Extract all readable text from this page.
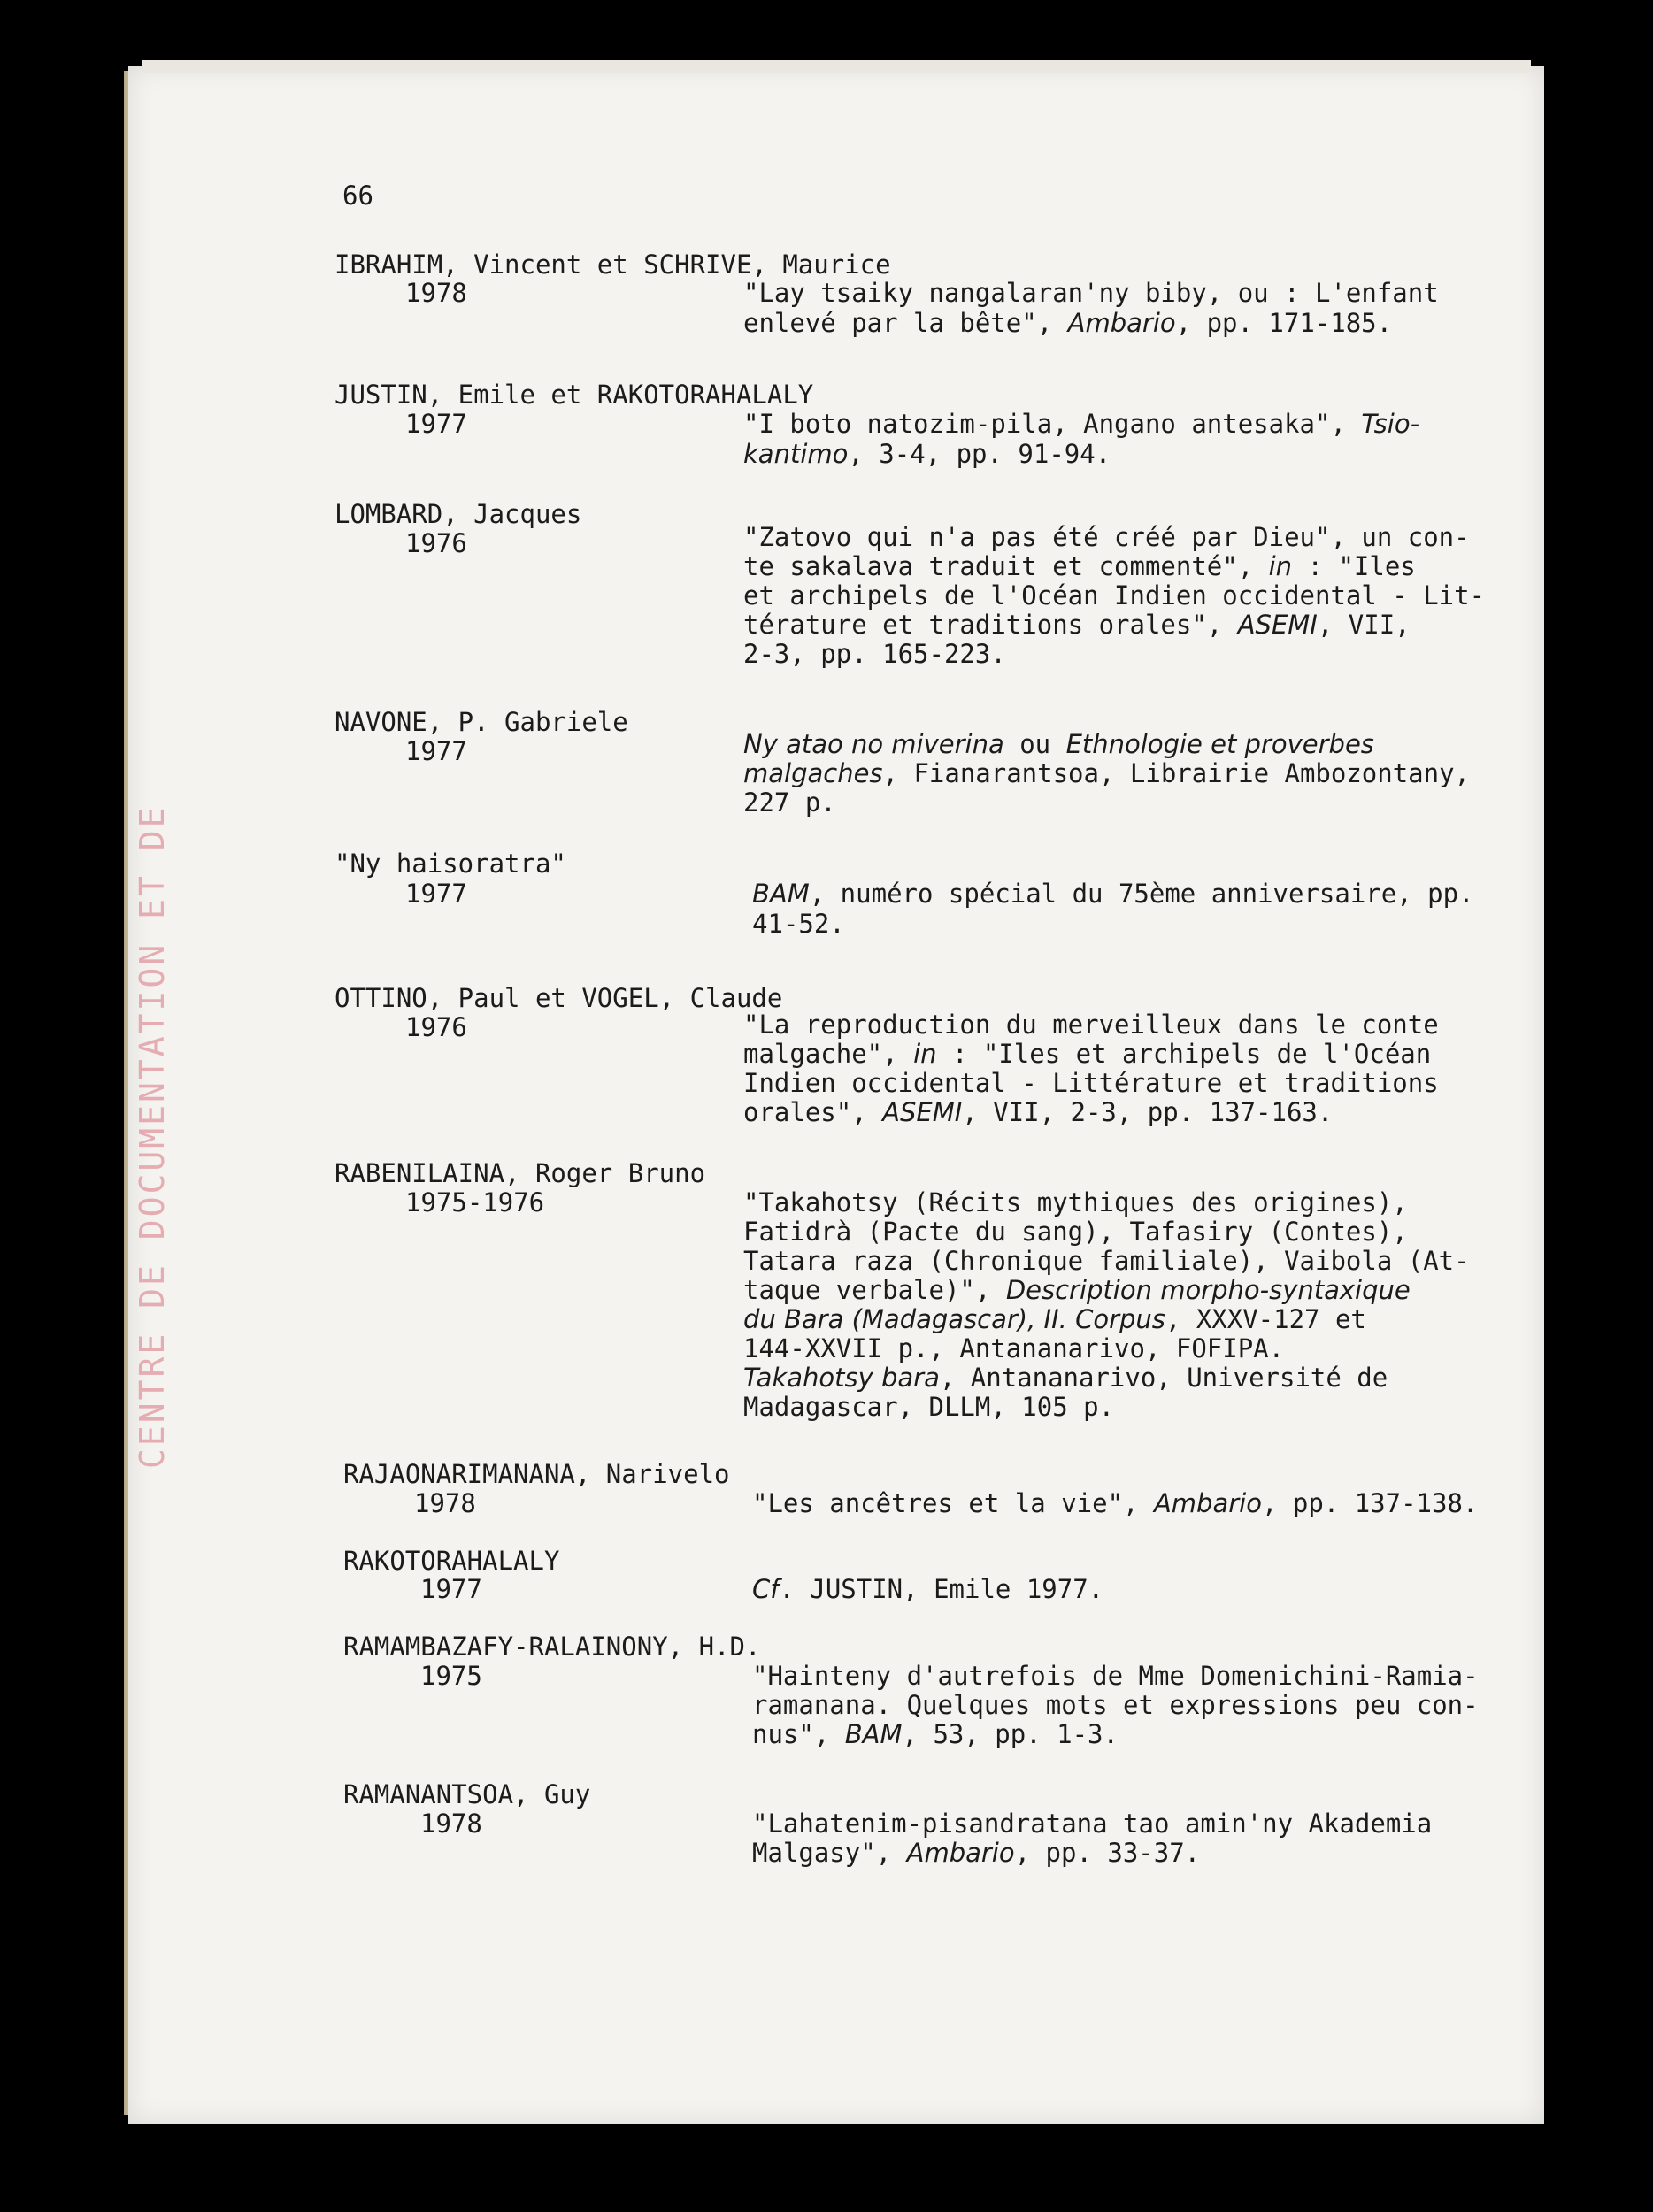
CENTRE DE DOCUMENTATION ET DE
66
IBRAHIM, Vincent et SCHRIVE, Maurice
1978	"Lay tsaiky nangalaran'ny biby, ou : L'enfant
enlevé par la bête", Ambario, pp. 171-185.
JUSTIN, Emile et RAKOTORAHALALY
1977	"I boto natozim-pila, Angano antesaka", Tsio-
kantimo, 3-4, pp. 91-94.
LOMBARD, Jacques
1976	"Zatovo qui n'a pas été créé par Dieu", un con-
te sakalava traduit et commenté", in : "Iles
et archipels de l'Océan Indien occidental - Lit-
térature et traditions orales", ASEMI, VII,
2-3, pp. 165-223.
NAVONE, P. Gabriele
1977	Ny atao no miverina ou Ethnologie et proverbes
malgaches, Fianarantsoa, Librairie Ambozontany,
227 p.
"Ny haisoratra"
1977	BAM, numéro spécial du 75ème anniversaire, pp.
41-52.
OTTINO, Paul et VOGEL, Claude
1976	"La reproduction du merveilleux dans le conte
malgache", in : "Iles et archipels de l'Océan
Indien occidental - Littérature et traditions
orales", ASEMI, VII, 2-3, pp. 137-163.
RABENILAINA, Roger Bruno
1975-1976	"Takahotsy (Récits mythiques des origines),
Fatidrà (Pacte du sang), Tafasiry (Contes),
Tatara raza (Chronique familiale), Vaibola (At-
taque verbale)", Description morpho-syntaxique
du Bara (Madagascar), II. Corpus, XXXV-127 et
144-XXVII p., Antananarivo, FOFIPA.
Takahotsy bara, Antananarivo, Université de
Madagascar, DLLM, 105 p.
RAJAONARIMANANA, Narivelo
1978	"Les ancêtres et la vie", Ambario, pp. 137-138.
RAKOTORAHALALY
1977	Cf. JUSTIN, Emile 1977.
RAMAMBAZAFY-RALAINONY, H.D.
1975	"Hainteny d'autrefois de Mme Domenichini-Ramia-
ramanana. Quelques mots et expressions peu con-
nus", BAM, 53, pp. 1-3.
RAMANANTSOA, Guy
1978	"Lahatenim-pisandratana tao amin'ny Akademia
Malgasy", Ambario, pp. 33-37.
